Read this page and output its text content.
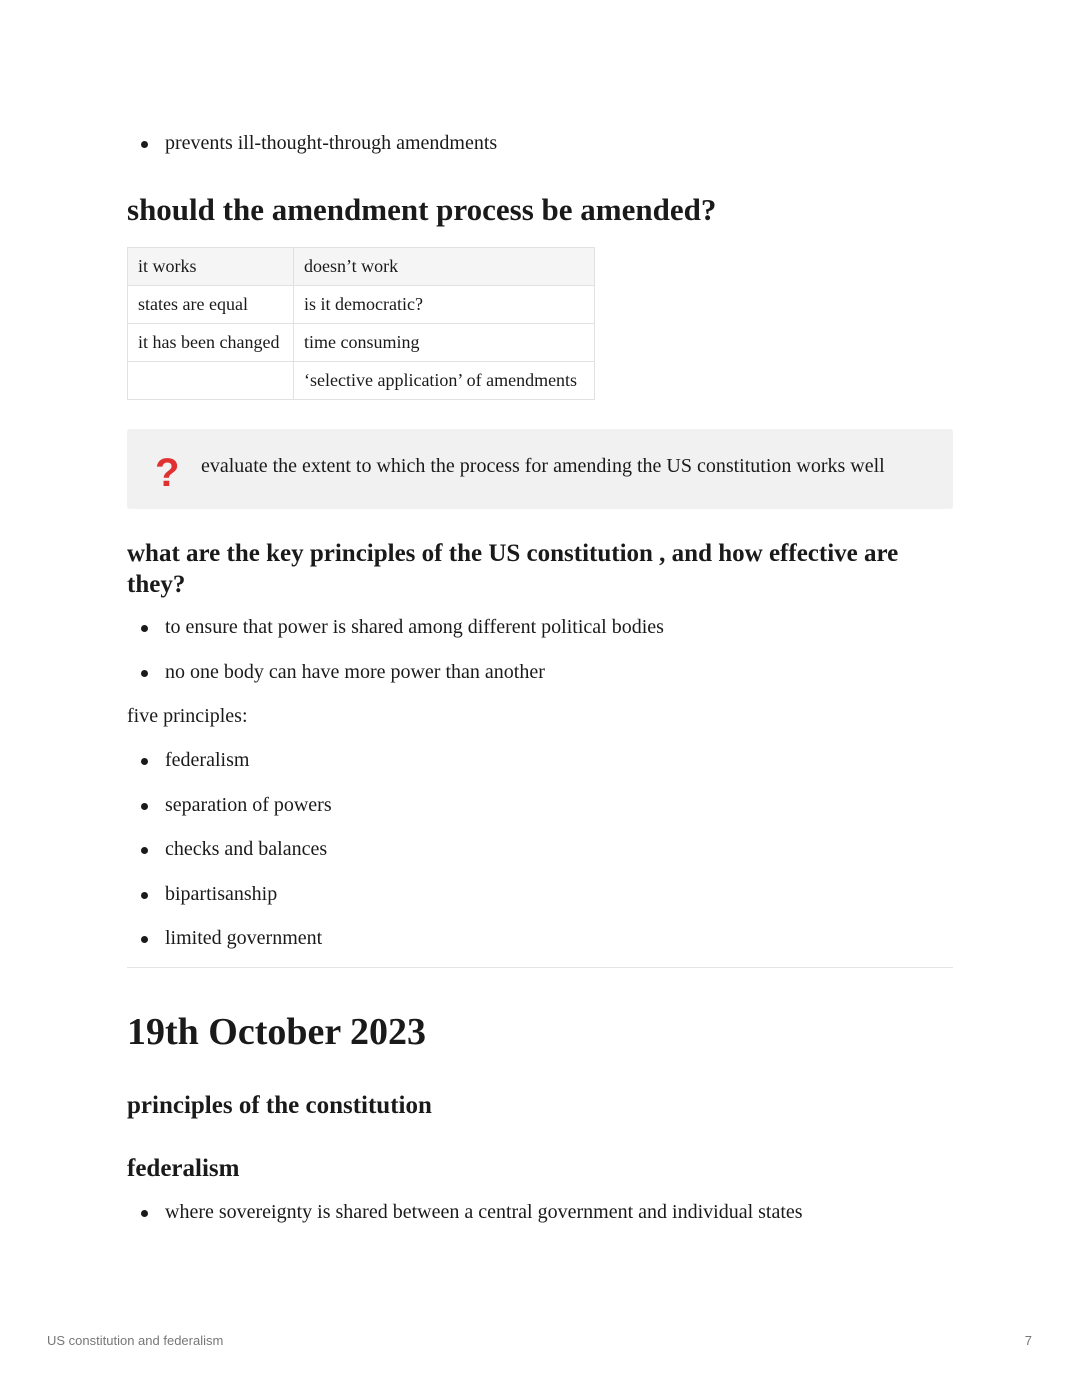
prevents ill-thought-through amendments
should the amendment process be amended?
it works	doesn’t work
states are equal	is it democratic?
it has been changed	time consuming
	‘selective application’ of amendments
? evaluate the extent to which the process for amending the US constitution works well
what are the key principles of the US constitution , and how effective are they?
to ensure that power is shared among different political bodies
no one body can have more power than another
five principles:
federalism
separation of powers
checks and balances
bipartisanship
limited government
19th October 2023
principles of the constitution
federalism
where sovereignty is shared between a central government and individual states
US constitution and federalism	7
